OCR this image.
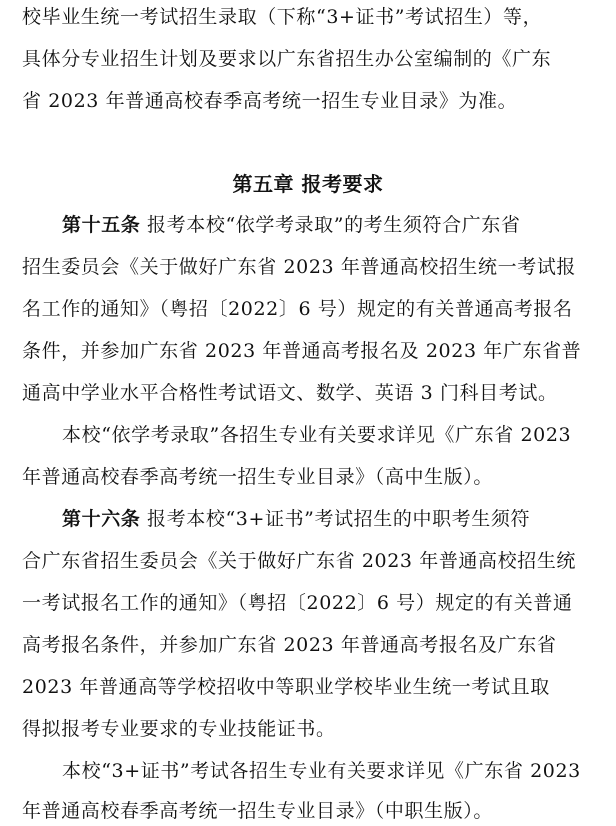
校毕业生统一考试招生录取（下称“3+证书”考试招生）等，
具体分专业招生计划及要求以广东省招生办公室编制的《广东
省 2023 年普通高校春季高考统一招生专业目录》为准。
第五章 报考要求
第十五条 报考本校“依学考录取”的考生须符合广东省
招生委员会《关于做好广东省 2023 年普通高校招生统一考试报
名工作的通知》（粤招〔2022〕6 号）规定的有关普通高考报名
条件，并参加广东省 2023 年普通高考报名及 2023 年广东省普
通高中学业水平合格性考试语文、数学、英语 3 门科目考试。
本校“依学考录取”各招生专业有关要求详见《广东省 2023
年普通高校春季高考统一招生专业目录》（高中生版）。
第十六条 报考本校“3+证书”考试招生的中职考生须符
合广东省招生委员会《关于做好广东省 2023 年普通高校招生统
一考试报名工作的通知》（粤招〔2022〕6 号）规定的有关普通
高考报名条件，并参加广东省 2023 年普通高考报名及广东省
2023 年普通高等学校招收中等职业学校毕业生统一考试且取
得拟报考专业要求的专业技能证书。
本校“3+证书”考试各招生专业有关要求详见《广东省 2023
年普通高校春季高考统一招生专业目录》（中职生版）。
